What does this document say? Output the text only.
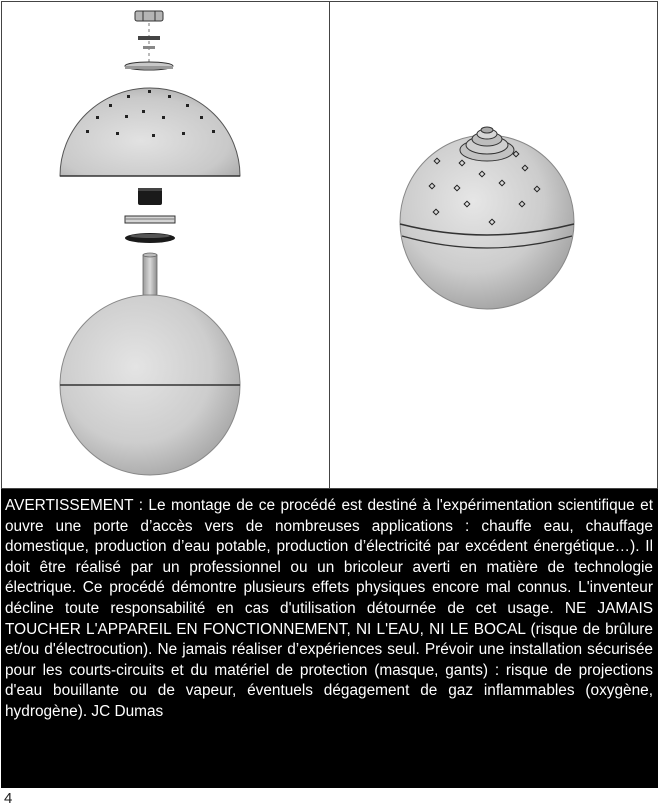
AVERTISSEMENT : Le montage de ce procédé est destiné à l'expérimentation scientifique et ouvre une porte d’accès vers de nombreuses applications : chauffe eau, chauffage domestique, production d’eau potable, production d’électricité par excédent énergétique…). Il doit être réalisé par un professionnel ou un bricoleur averti en matière de technologie électrique. Ce procédé démontre plusieurs effets physiques encore mal connus. L'inventeur décline toute responsabilité en cas d'utilisation détournée de cet usage. NE JAMAIS TOUCHER L'APPAREIL EN FONCTIONNEMENT, NI L'EAU, NI LE BOCAL (risque de brûlure et/ou d'électrocution). Ne jamais réaliser d’expériences seul. Prévoir une installation sécurisée pour les courts-circuits et du matériel de protection (masque, gants) : risque de projections d'eau bouillante ou de vapeur, éventuels dégagement de gaz inflammables (oxygène, hydrogène). JC Dumas
4
